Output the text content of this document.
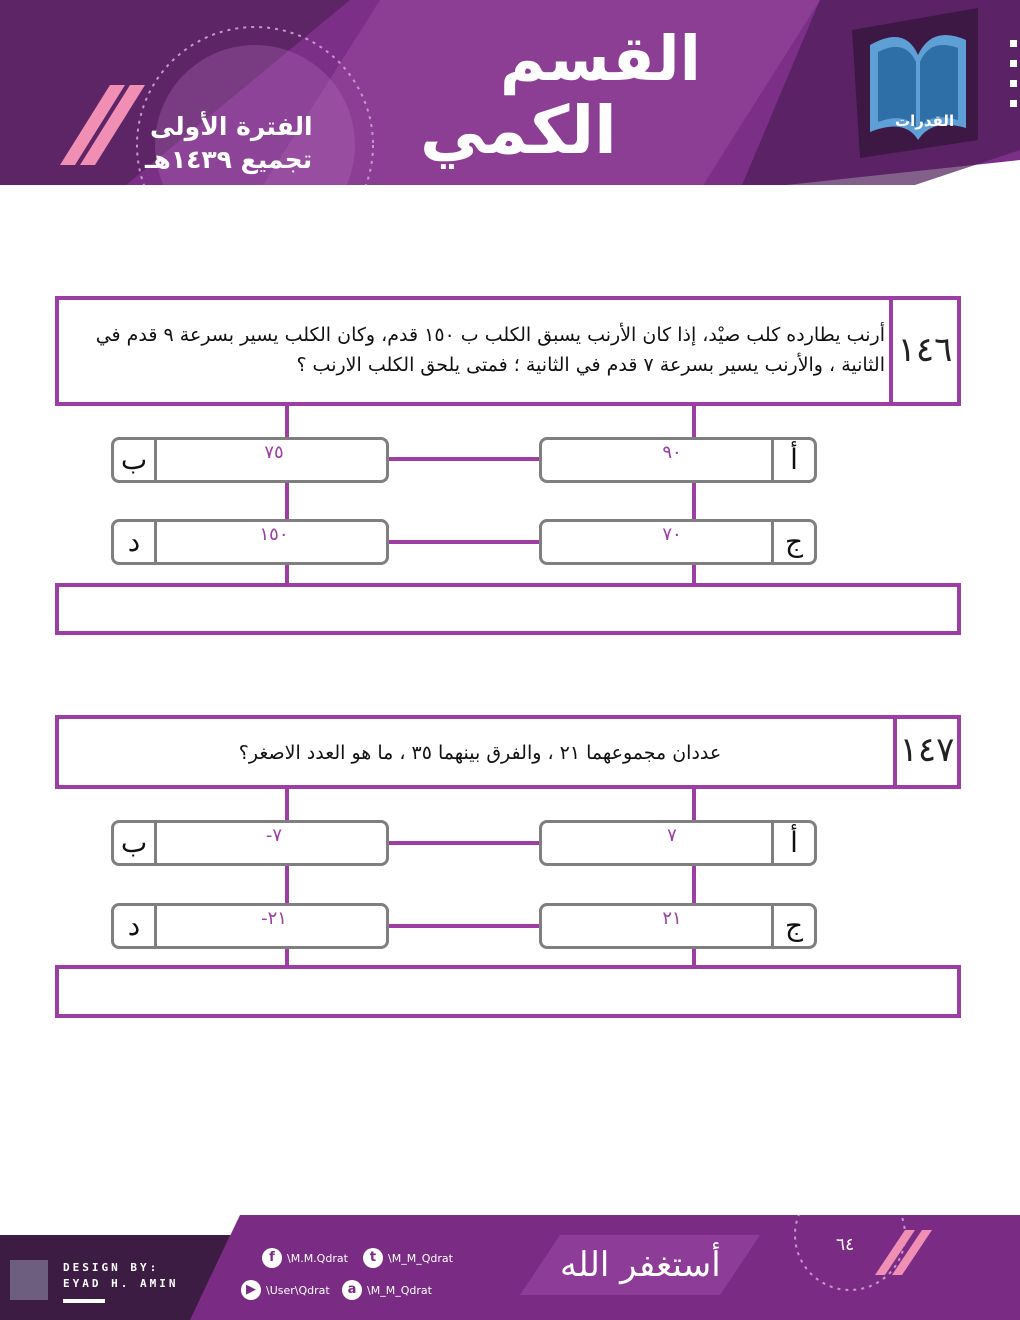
القسم
الكمي
الفترة الأولى
تجميع ١٤٣٩هـ
القدرات
١٤٦
أرنب يطارده كلب صيْد، إذا كان الأرنب يسبق الكلب ب ١٥٠ قدم، وكان الكلب يسير بسرعة ٩ قدم في الثانية ، والأرنب يسير بسرعة ٧ قدم في الثانية ؛ فمتى يلحق الكلب الارنب ؟
أ
٩٠
ب	٧٥
ج
٧٠
د	١٥٠
١٤٧
عددان مجموعهما ٢١ ، والفرق بينهما ٣٥ ، ما هو العدد الاصغر؟
أ
٧
ب	-٧
ج
٢١
د	-٢١
DESIGN BY:
EYAD H. AMIN
f	\M.M.Qdrat	t	\M_M_Qdrat
▶ \User\Qdrat	a \M_M_Qdrat
أستغفر الله	٦٤
